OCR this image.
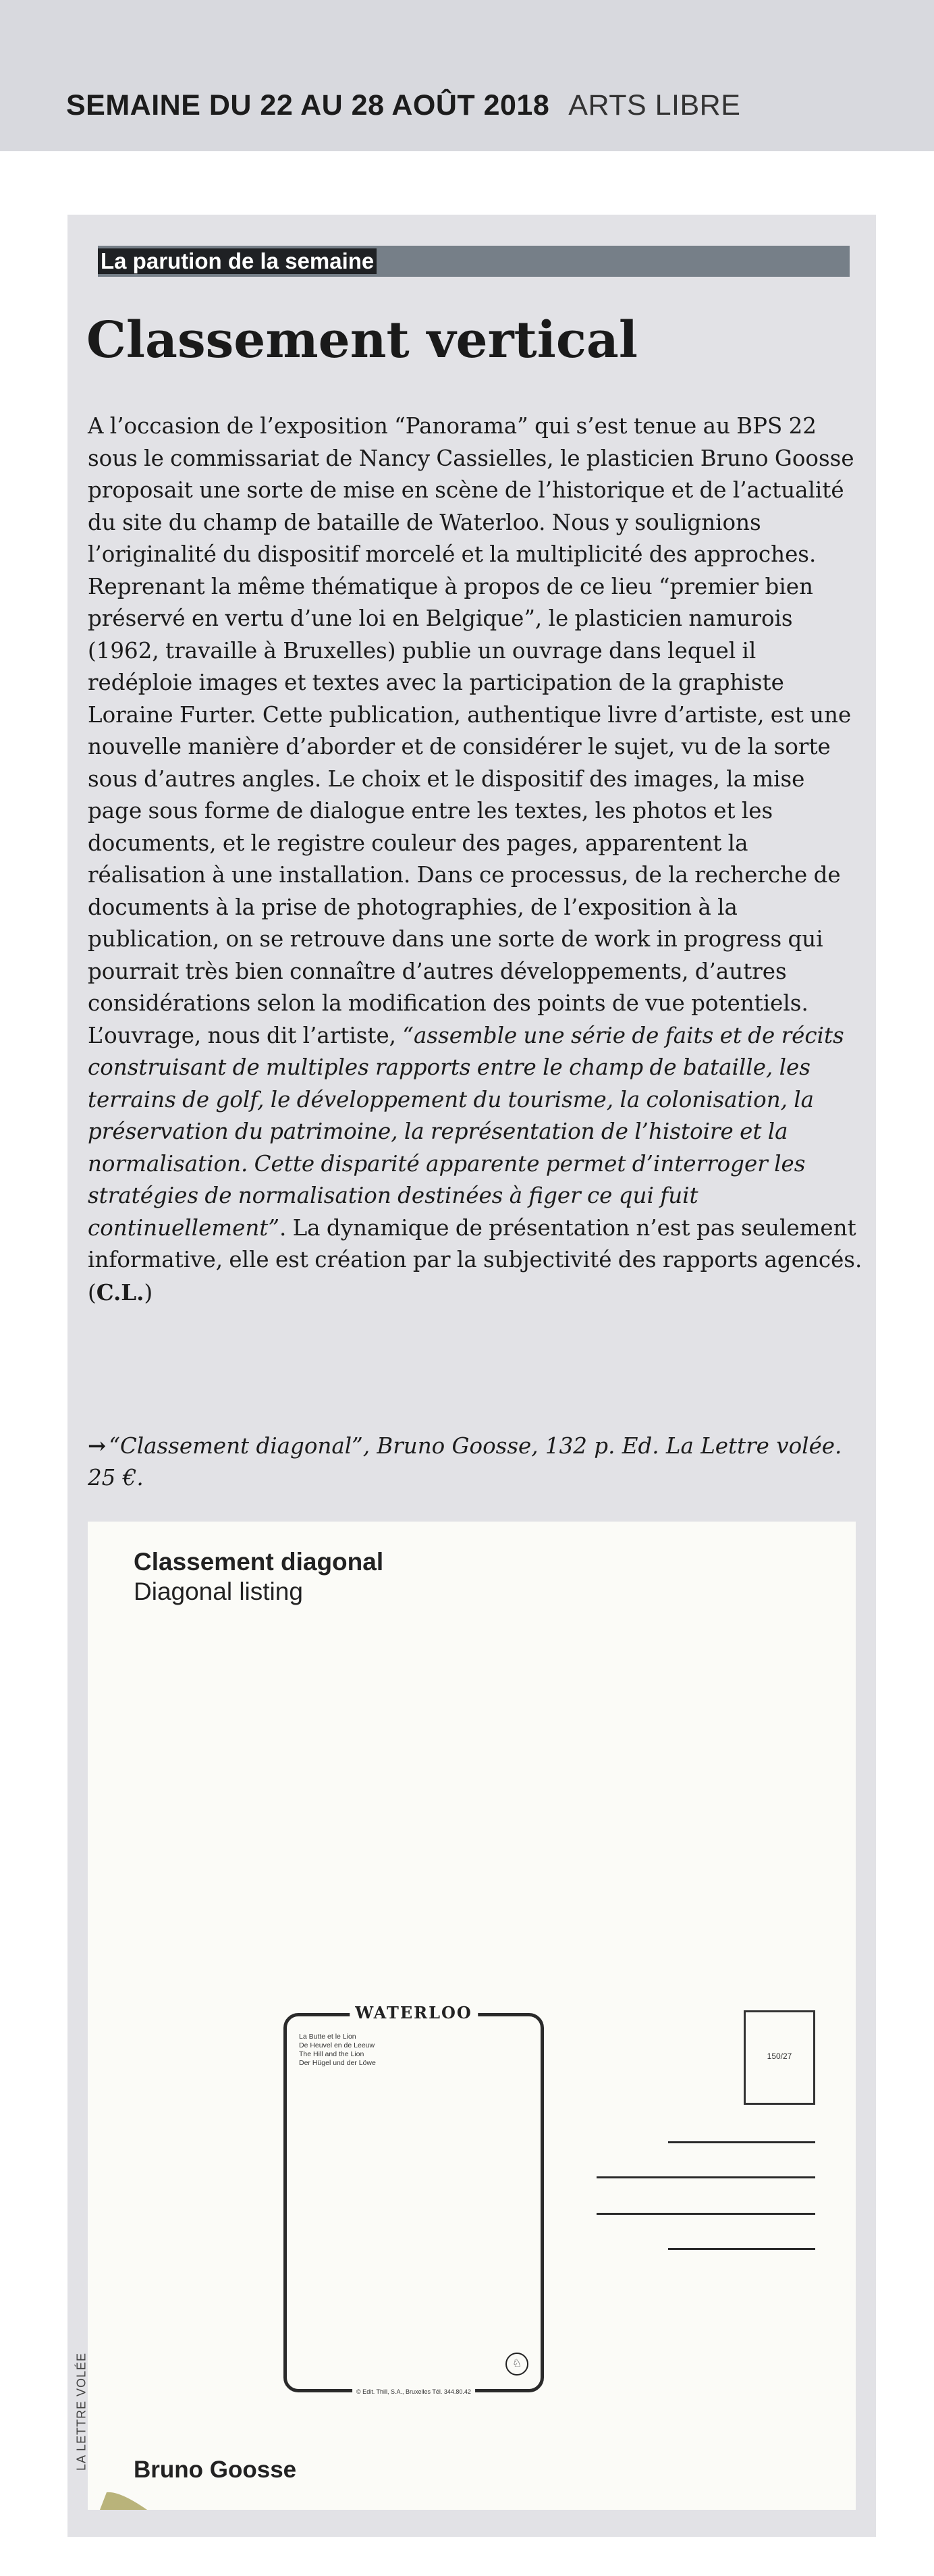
SEMAINE DU 22 AU 28 AOÛT 2018 ARTS LIBRE
La parution de la semaine
Classement vertical

A l’occasion de l’exposition “Panorama” qui s’est tenue au BPS 22 sous le commissariat de Nancy Cassielles, le plasticien Bruno Goosse proposait une sorte de mise en scène de l’historique et de l’actualité du site du champ de bataille de Waterloo. Nous y soulignions l’originalité du dispositif morcelé et la multiplicité des approches. Reprenant la même thématique à propos de ce lieu “premier bien préservé en vertu d’une loi en Belgique”, le plasticien namurois (1962, travaille à Bruxelles) publie un ouvrage dans lequel il redéploie images et textes avec la participation de la graphiste Loraine Furter. Cette publication, authentique livre d’artiste, est une nouvelle manière d’aborder et de considérer le sujet, vu de la sorte sous d’autres angles. Le choix et le dispositif des images, la mise page sous forme de dialogue entre les textes, les photos et les documents, et le registre couleur des pages, apparentent la réalisation à une installation. Dans ce processus, de la recherche de documents à la prise de photographies, de l’exposition à la publication, on se retrouve dans une sorte de work in progress qui pourrait très bien connaître d’autres développements, d’autres considérations selon la modification des points de vue potentiels. L’ouvrage, nous dit l’artiste, “assemble une série de faits et de récits construisant de multiples rapports entre le champ de bataille, les terrains de golf, le développement du tourisme, la colonisation, la préservation du patrimoine, la représentation de l’histoire et la normalisation. Cette disparité apparente permet d’interroger les stratégies de normalisation destinées à figer ce qui fuit continuellement”. La dynamique de présentation n’est pas seulement informative, elle est création par la subjectivité des rapports agencés. (C.L.)

→ “Classement diagonal”, Bruno Goosse, 132 p. Ed. La Lettre volée. 25 €.
Classement diagonal
Diagonal listing
WATERLOO
La Butte et le Lion
De Heuvel en de Leeuw
The Hill and the Lion
Der Hügel und der Löwe
♘
© Edit. Thill, S.A., Bruxelles Tél. 344.80.42
150/27
Bruno Goosse
LA LETTRE VOLÉE
